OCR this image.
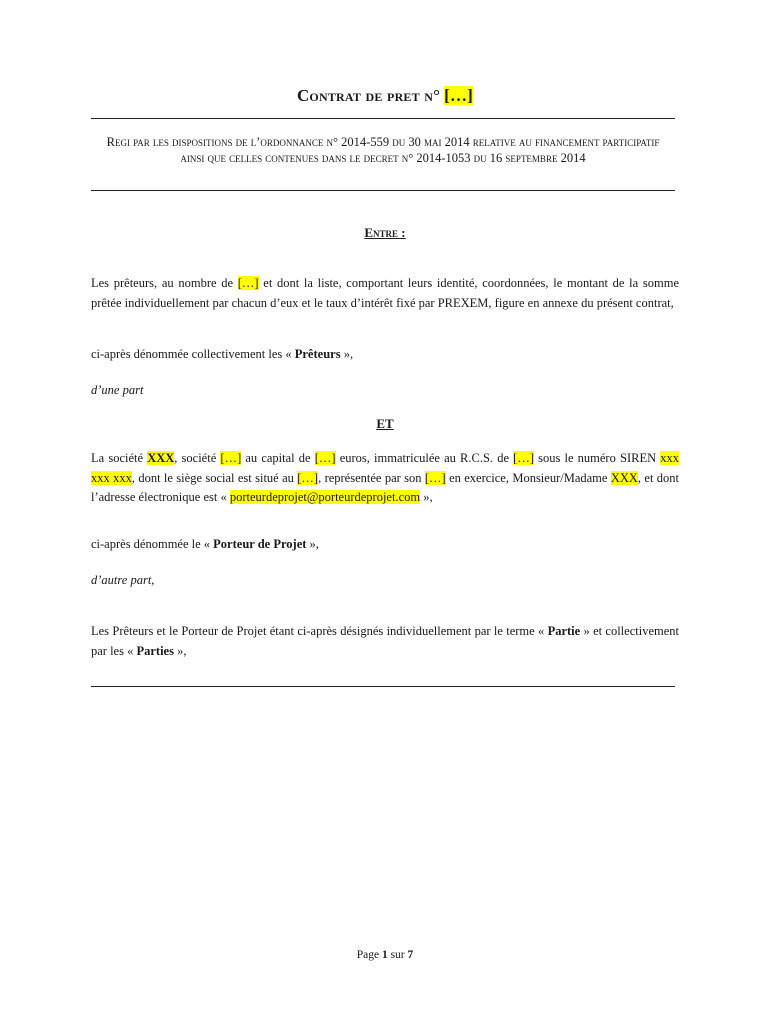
Contrat de pret n° […]
Regi par les dispositions de l’ordonnance n° 2014-559 du 30 mai 2014 relative au financement participatif ainsi que celles contenues dans le decret n° 2014-1053 du 16 septembre 2014
Entre :
Les prêteurs, au nombre de […] et dont la liste, comportant leurs identité, coordonnées, le montant de la somme prêtée individuellement par chacun d’eux et le taux d’intérêt fixé par PREXEM, figure en annexe du présent contrat,
ci-après dénommée collectivement les « Prêteurs »,
d’une part
ET
La société XXX, société […] au capital de […] euros, immatriculée au R.C.S. de […] sous le numéro SIREN xxx xxx xxx, dont le siège social est situé au […], représentée par son […] en exercice, Monsieur/Madame XXX, et dont l’adresse électronique est « porteurdeprojet@porteurdeprojet.com »,
ci-après dénommée le « Porteur de Projet »,
d’autre part,
Les Prêteurs et le Porteur de Projet étant ci-après désignés individuellement par le terme « Partie » et collectivement par les « Parties »,
Page 1 sur 7
